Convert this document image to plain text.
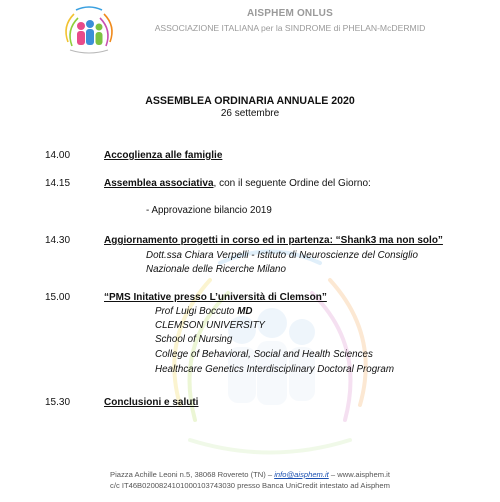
AISPHEM ONLUS
ASSOCIAZIONE ITALIANA per la SINDROME di PHELAN-McDERMID
ASSEMBLEA ORDINARIA ANNUALE 2020
26 settembre
14.00	Accoglienza alle famiglie
14.15	Assemblea associativa, con il seguente Ordine del Giorno:
- Approvazione bilancio 2019
14.30	Aggiornamento progetti in corso ed in partenza: “Shank3 ma non solo”
Dott.ssa Chiara Verpelli - Istituto di Neuroscienze del Consiglio
Nazionale delle Ricerche Milano
15.00	“PMS Initative presso L’università di Clemson”
Prof Luigi Boccuto MD
CLEMSON UNIVERSITY
School of Nursing
College of Behavioral, Social and Health Sciences
Healthcare Genetics Interdisciplinary Doctoral Program
15.30	Conclusioni e saluti
Piazza Achille Leoni n.5, 38068 Rovereto (TN) – info@aisphem.it – www.aisphem.it
c/c IT46B0200824101000103743030 presso Banca UniCredit intestato ad Aisphem
